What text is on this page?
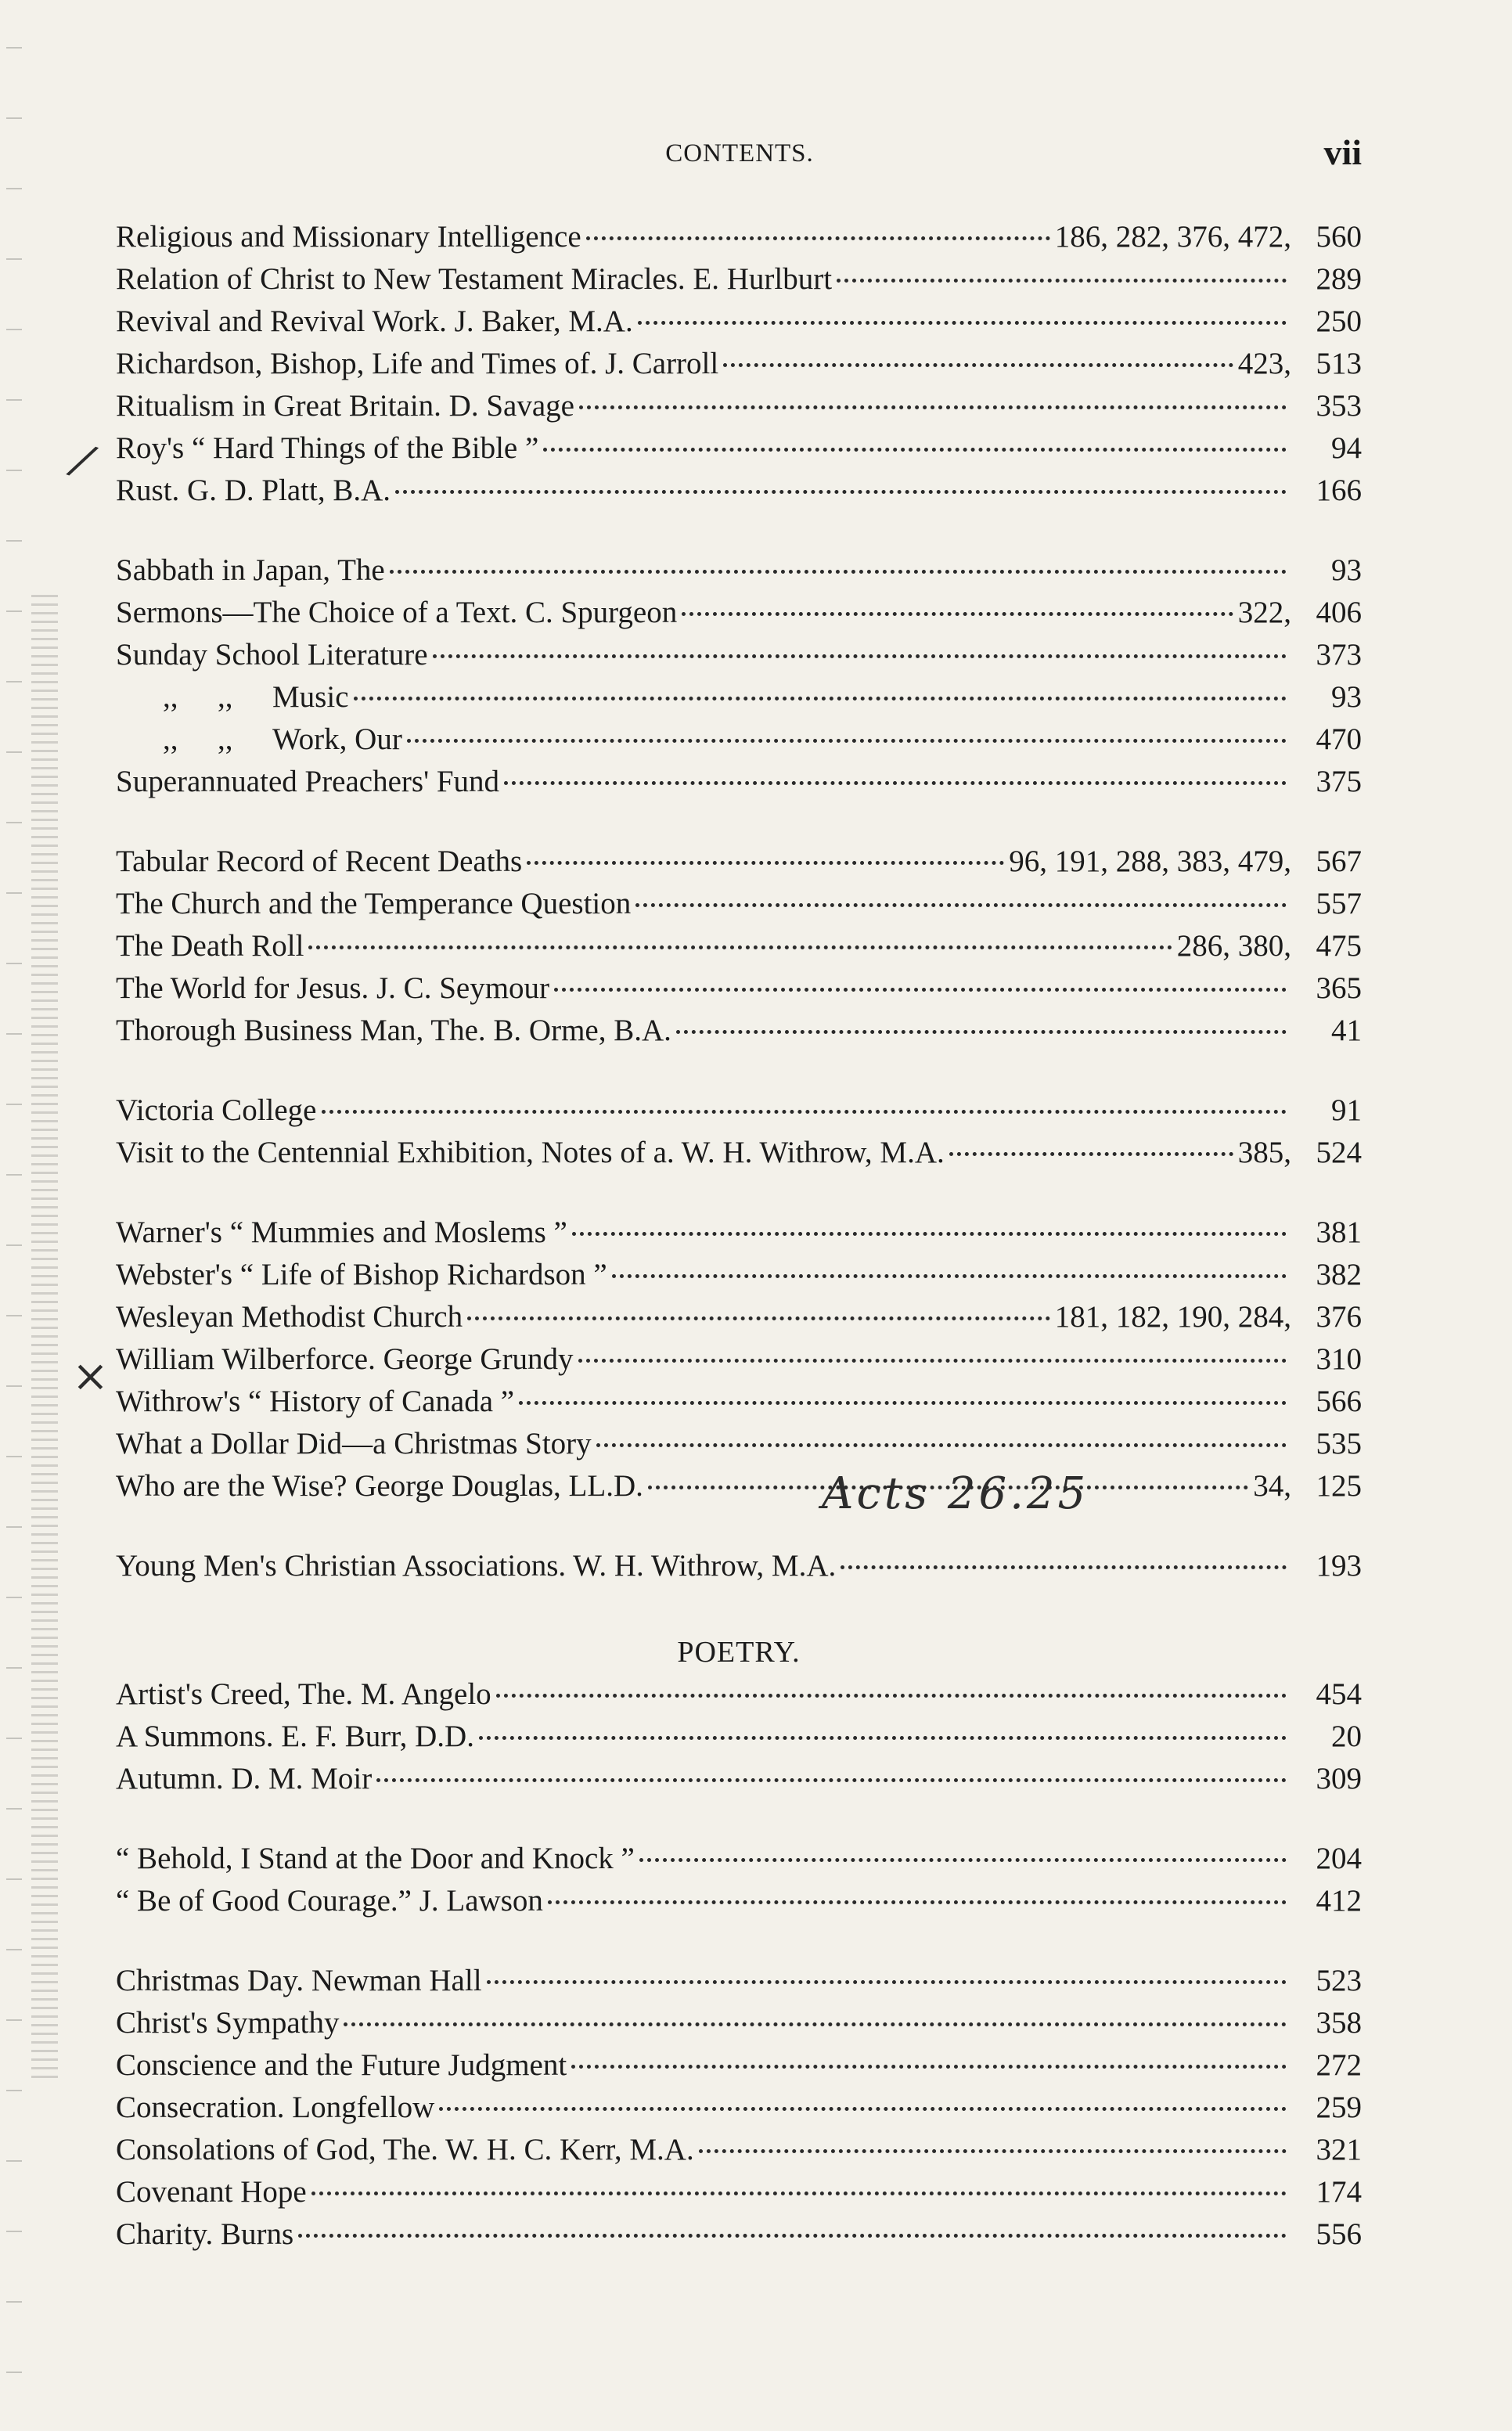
CONTENTS.	vii
Religious and Missionary Intelligence	186, 282, 376, 472, 560
Relation of Christ to New Testament Miracles. E. Hurlburt	289
Revival and Revival Work. J. Baker, M.A.	250
Richardson, Bishop, Life and Times of. J. Carroll	423, 513
Ritualism in Great Britain. D. Savage	353
Roy's “ Hard Things of the Bible ”	94
Rust. G. D. Platt, B.A.	166
Sabbath in Japan, The	93
Sermons—The Choice of a Text. C. Spurgeon	322, 406
Sunday School Literature	373
,, ,, Music	93
,, ,, Work, Our	470
Superannuated Preachers' Fund	375
Tabular Record of Recent Deaths	96, 191, 288, 383, 479, 567
The Church and the Temperance Question	557
The Death Roll	286, 380, 475
The World for Jesus. J. C. Seymour	365
Thorough Business Man, The. B. Orme, B.A.	41
Victoria College	91
Visit to the Centennial Exhibition, Notes of a. W. H. Withrow, M.A.	385, 524
Warner's “ Mummies and Moslems ”	381
Webster's “ Life of Bishop Richardson ”	382
Wesleyan Methodist Church	181, 182, 190, 284, 376
William Wilberforce. George Grundy	310
Withrow's “ History of Canada ”	566
What a Dollar Did—a Christmas Story	535
Who are the Wise? George Douglas, LL.D.	34, 125
Young Men's Christian Associations. W. H. Withrow, M.A.	193
POETRY.
Artist's Creed, The. M. Angelo	454
A Summons. E. F. Burr, D.D.	20
Autumn. D. M. Moir	309
“ Behold, I Stand at the Door and Knock ”	204
“ Be of Good Courage.” J. Lawson	412
Christmas Day. Newman Hall	523
Christ's Sympathy	358
Conscience and the Future Judgment	272
Consecration. Longfellow	259
Consolations of God, The. W. H. C. Kerr, M.A.	321
Covenant Hope	174
Charity. Burns	556
/
×
Acts 26.25
